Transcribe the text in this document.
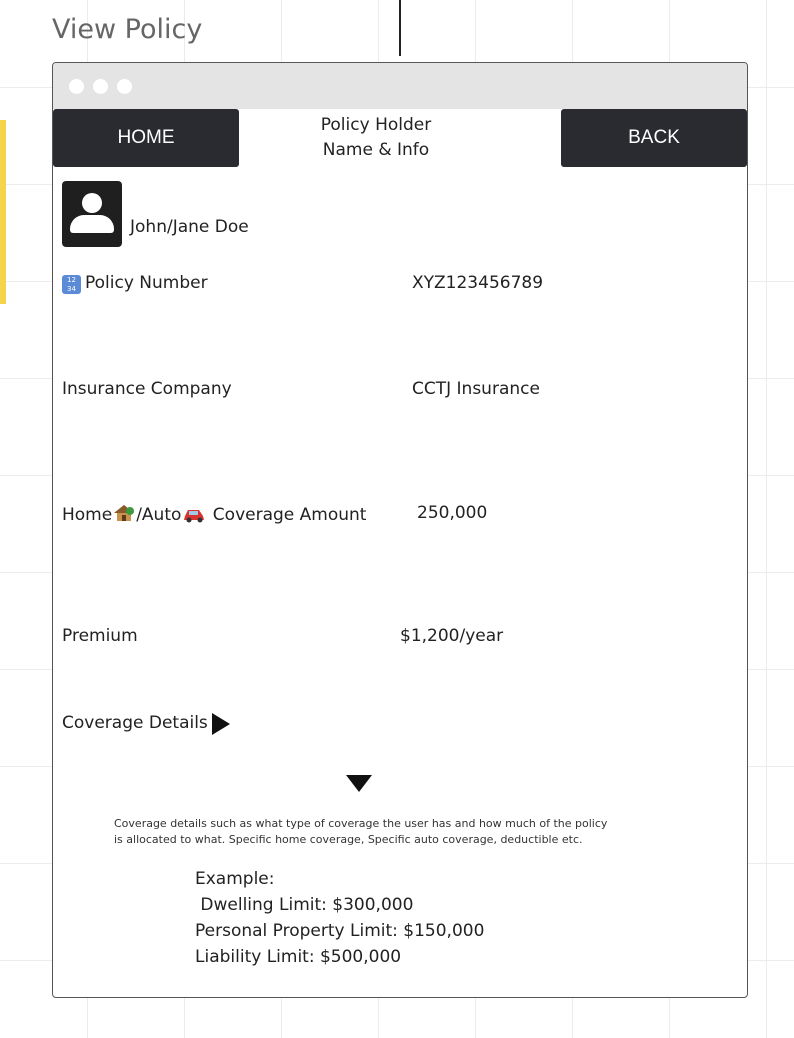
View Policy
HOME
Policy Holder
Name & Info
BACK
John/Jane Doe
12
34 Policy Number	XYZ123456789
Insurance Company	CCTJ Insurance
Home /Auto Coverage Amount	250,000
Premium	$1,200/year
Coverage Details
Coverage details such as what type of coverage the user has and how much of the policy
is allocated to what. Specific home coverage, Specific auto coverage, deductible etc.
Example:
Dwelling Limit: $300,000
Personal Property Limit: $150,000
Liability Limit: $500,000
